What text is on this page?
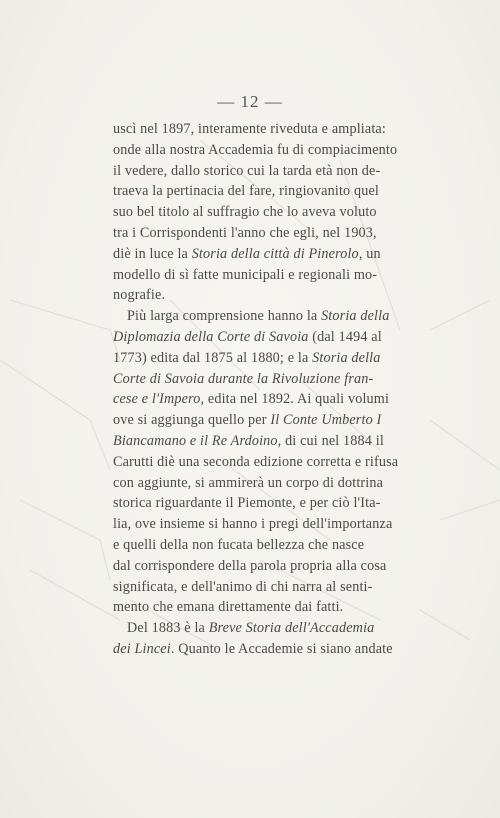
— 12 —
uscì nel 1897, interamente riveduta e ampliata:
onde alla nostra Accademia fu di compiacimento
il vedere, dallo storico cui la tarda età non de-
traeva la pertinacia del fare, ringiovanito quel
suo bel titolo al suffragio che lo aveva voluto
tra i Corrispondenti l'anno che egli, nel 1903,
diè in luce la Storia della città di Pinerolo, un
modello di sì fatte municipali e regionali mo-
nografie.
Più larga comprensione hanno la Storia della
Diplomazia della Corte di Savoia (dal 1494 al
1773) edita dal 1875 al 1880; e la Storia della
Corte di Savoia durante la Rivoluzione fran-
cese e l'Impero, edita nel 1892. Ai quali volumi
ove si aggiunga quello per Il Conte Umberto I
Biancamano e il Re Ardoino, di cui nel 1884 il
Carutti diè una seconda edizione corretta e rifusa
con aggiunte, si ammirerà un corpo di dottrina
storica riguardante il Piemonte, e per ciò l'Ita-
lia, ove insieme si hanno i pregi dell'importanza
e quelli della non fucata bellezza che nasce
dal corrispondere della parola propria alla cosa
significata, e dell'animo di chi narra al senti-
mento che emana direttamente dai fatti.
Del 1883 è la Breve Storia dell'Accademia
dei Lincei. Quanto le Accademie si siano andate
